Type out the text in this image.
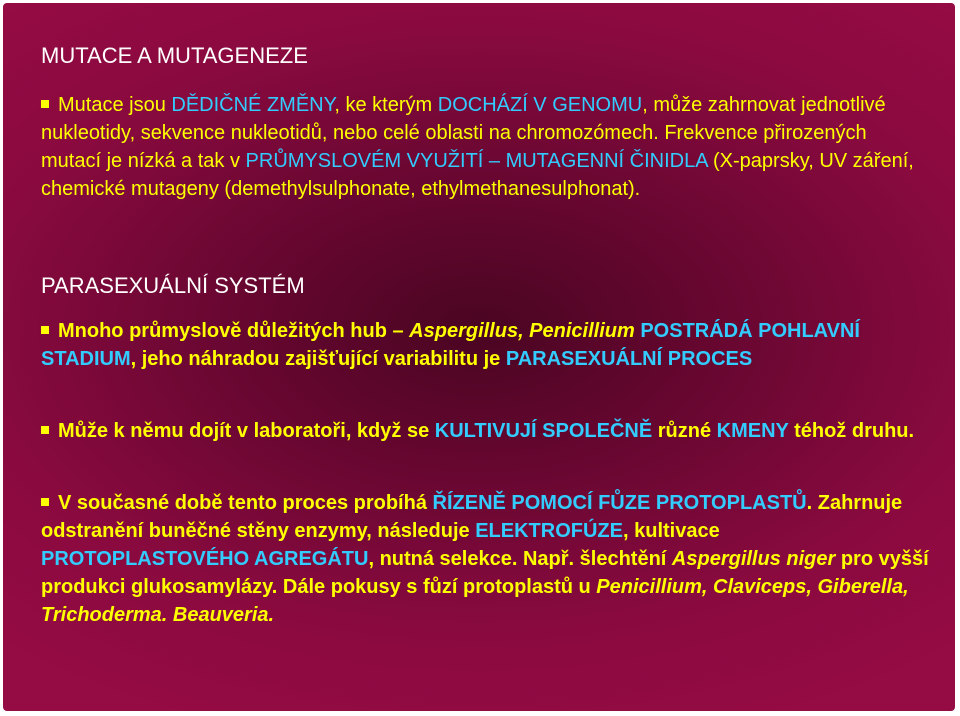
MUTACE A MUTAGENEZE
Mutace jsou DĚDIČNÉ ZMĚNY, ke kterým DOCHÁZÍ V GENOMU, může zahrnovat jednotlivé nukleotidy, sekvence nukleotidů, nebo celé oblasti na chromozómech. Frekvence přirozených mutací je nízká a tak v PRŮMYSLOVÉM VYUŽITÍ – MUTAGENNÍ ČINIDLA (X-paprsky, UV záření, chemické mutageny (demethylsulphonate, ethylmethanesulphonat).
PARASEXUÁLNÍ SYSTÉM
Mnoho průmyslově důležitých hub – Aspergillus, Penicillium POSTRÁDÁ POHLAVNÍ STADIUM, jeho náhradou zajišťující variabilitu je PARASEXUÁLNÍ PROCES
Může k němu dojít v laboratoři, když se KULTIVUJÍ SPOLEČNĚ různé KMENY téhož druhu.
V současné době tento proces probíhá ŘÍZENĚ POMOCÍ FŮZE PROTOPLASTŮ. Zahrnuje odstranění buněčné stěny enzymy, následuje ELEKTROFÚZE, kultivace PROTOPLASTOVÉHO AGREGÁTU, nutná selekce. Např. šlechtění Aspergillus niger pro vyšší produkci glukosamylázy. Dále pokusy s fůzí protoplastů u Penicillium, Claviceps, Giberella, Trichoderma. Beauveria.
